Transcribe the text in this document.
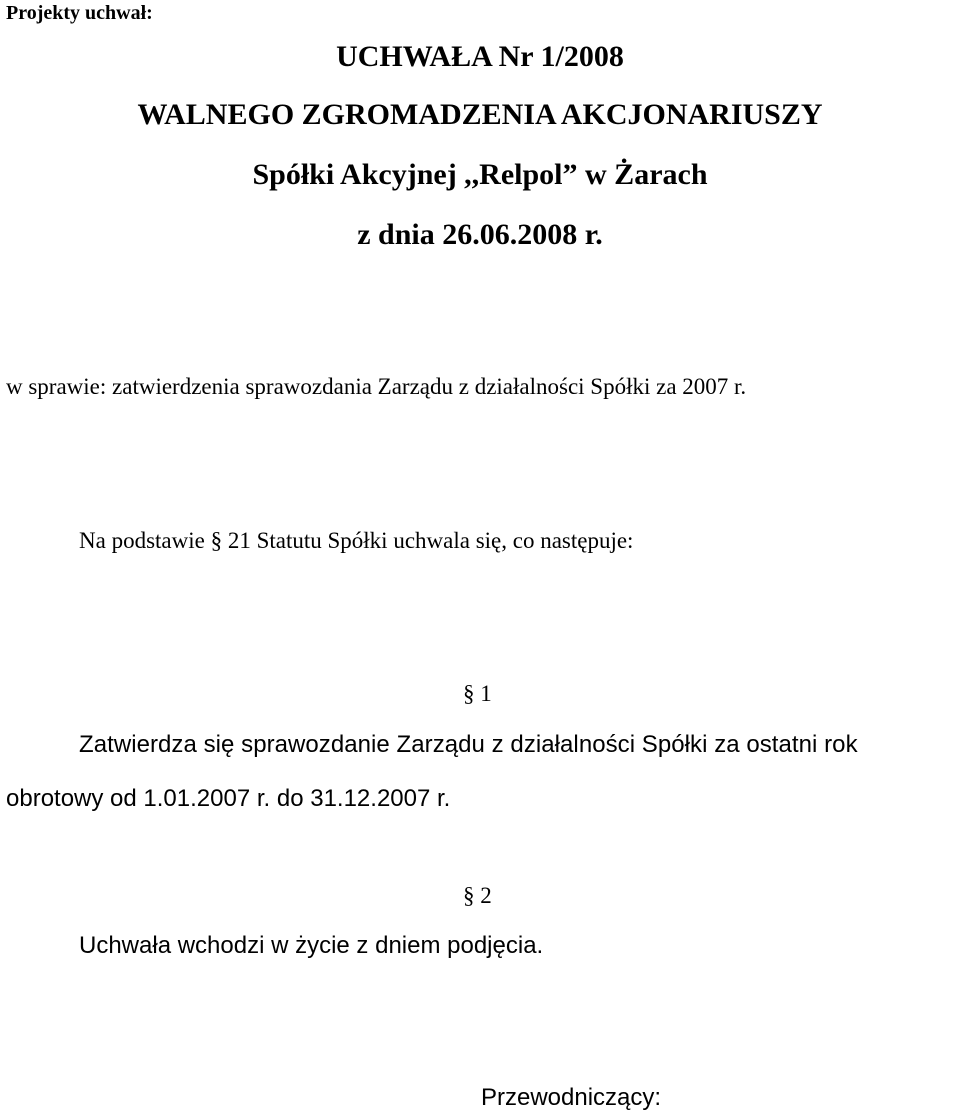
Projekty uchwał:
UCHWAŁA Nr 1/2008
WALNEGO ZGROMADZENIA AKCJONARIUSZY
Spółki Akcyjnej ,,Relpol” w Żarach
z dnia 26.06.2008 r.
w sprawie: zatwierdzenia sprawozdania Zarządu z działalności Spółki za 2007 r.
Na podstawie § 21 Statutu Spółki uchwala się, co następuje:
§ 1
Zatwierdza się sprawozdanie Zarządu z działalności Spółki za ostatni rok
obrotowy od 1.01.2007 r. do 31.12.2007 r.
§ 2
Uchwała wchodzi w życie z dniem podjęcia.
Przewodniczący:
